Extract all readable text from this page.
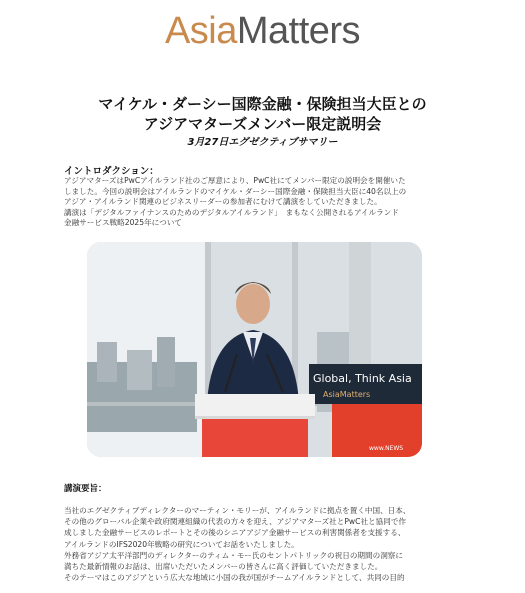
AsiaMatters
マイケル・ダーシー国際金融・保険担当大臣との
アジアマターズメンバー限定説明会
3月27日エグゼクティブサマリー
イントロダクション：

アジアマターズはPwCアイルランド社のご厚意により、PwC社にてメンバー限定の説明会を開催いた

しました。今回の説明会はアイルランドのマイケル・ダーシー国際金融・保険担当大臣に40名以上の

アジア・アイルランド関連のビジネスリーダーの参加者にむけて講演をしていただきました。

講演は「デジタルファイナンスのためのデジタルアイルランド」　まもなく公開されるアイルランド

金融サービス戦略2025年について

Global, Think Asia
AsiaMatters
www.NEWS
講演要旨：

当社のエグゼクティブディレクターのマーティン・モリーが、アイルランドに拠点を置く中国、日本、

その他のグローバル企業や政府関連組織の代表の方々を迎え、アジアマターズ社とPwC社と協同で作

成しました金融サービスのレポートとその後のシニアアジア金融サービスの利害関係者を支援する、

アイルランドのIFS2020年戦略の研究についてお話をいたしました。

外務省アジア太平洋部門のディレクターのティム・モー氏のセントパトリックの祝日の期間の洞察に

満ちた最新情報のお話は、出席いただいたメンバーの皆さんに高く評価していただきました。

そのテーマはこのアジアという広大な地域に小国の我が国がチームアイルランドとして、共同の目的
